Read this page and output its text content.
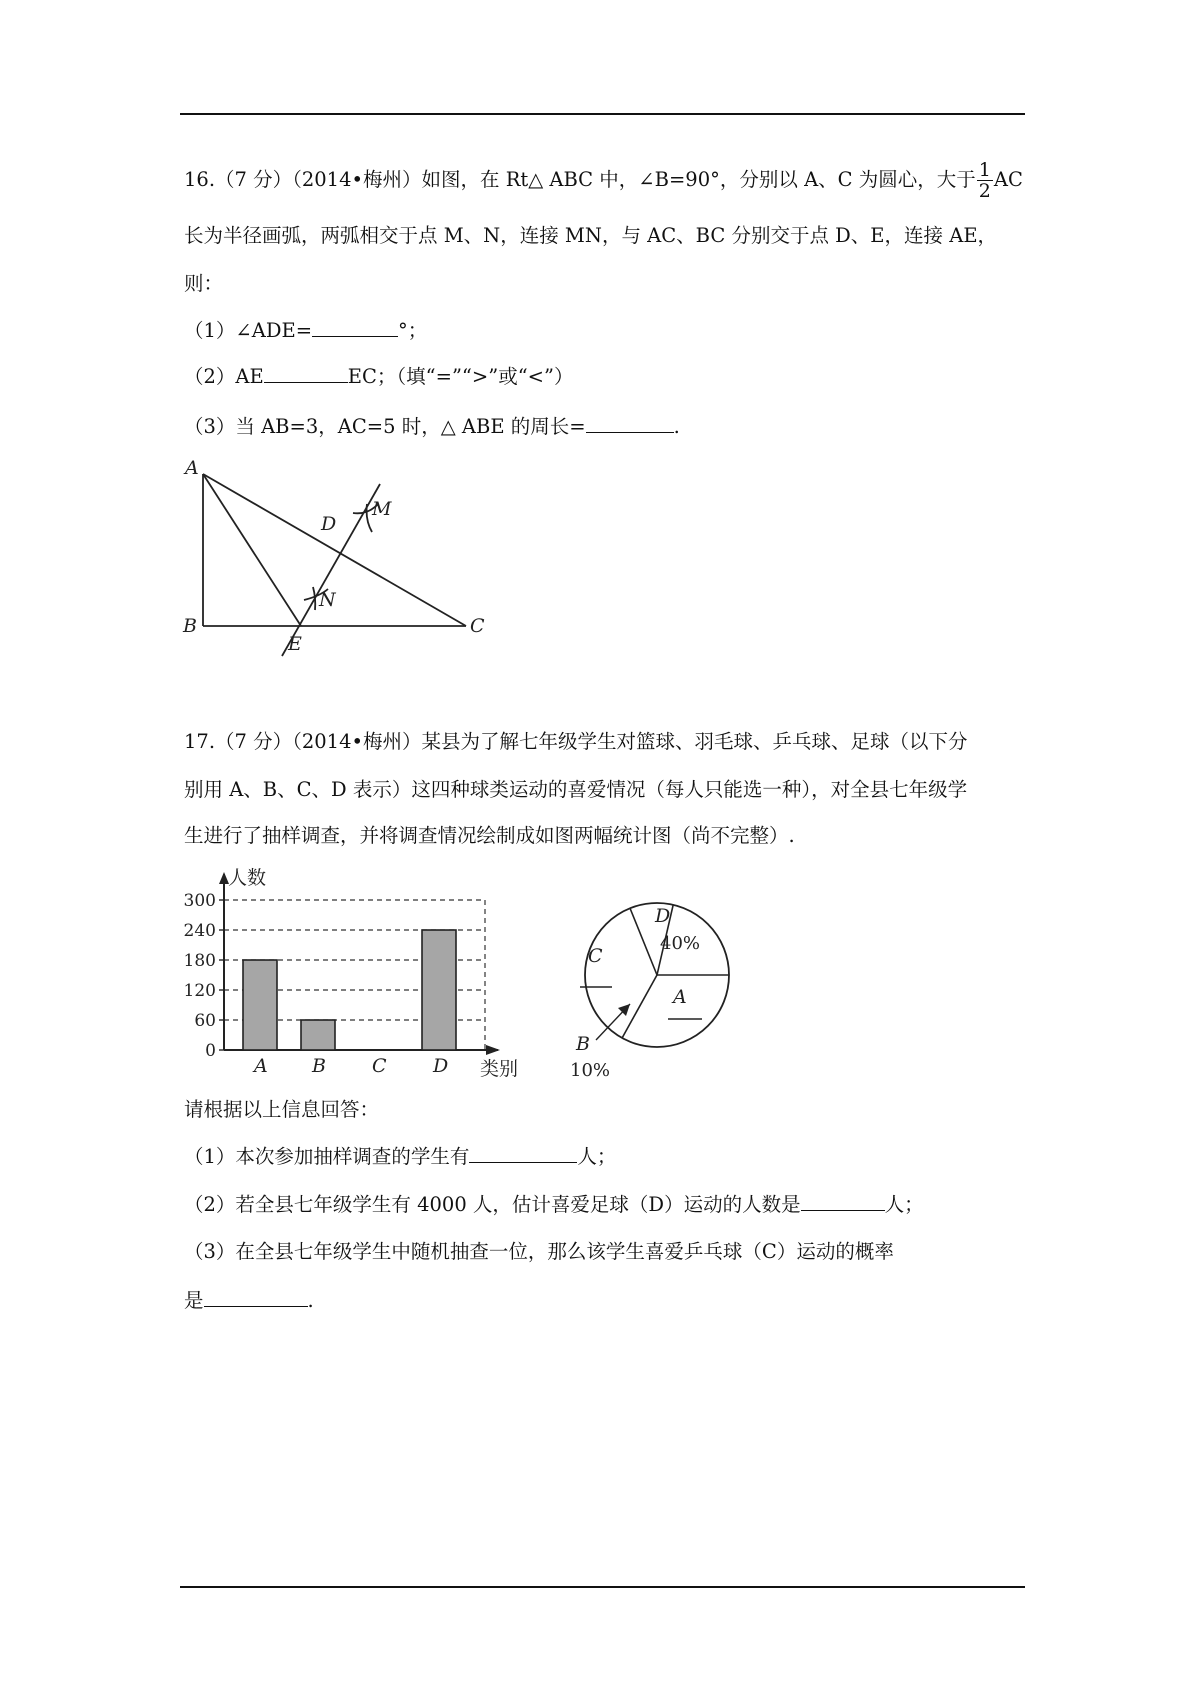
16.（7 分）（2014•梅州）如图，在 Rt△ ABC 中，∠B=90°，分别以 A、C 为圆心，大于 $\frac{1}{2}$ AC
长为半径画弧，两弧相交于点 M、N，连接 MN，与 AC、BC 分别交于点 D、E，连接 AE，
则：
（1）∠ADE=	°；
（2）AE	EC；（填“=”“>”或“<”）
（3）当 AB=3，AC=5 时，△ ABE 的周长=	.
A
B	C
D
E
M
N
17.（7 分）（2014•梅州）某县为了解七年级学生对篮球、羽毛球、乒乓球、足球（以下分
别用 A、B、C、D 表示）这四种球类运动的喜爱情况（每人只能选一种），对全县七年级学
生进行了抽样调查，并将调查情况绘制成如图两幅统计图（尚不完整）.
0
60
120
180
240
300
人数
类别
A B C D
D
A
B
C
40%
10%
请根据以上信息回答：
（1）本次参加抽样调查的学生有	人；
（2）若全县七年级学生有 4000 人，估计喜爱足球（D）运动的人数是	人；
（3）在全县七年级学生中随机抽查一位，那么该学生喜爱乒乓球（C）运动的概率
是	.
